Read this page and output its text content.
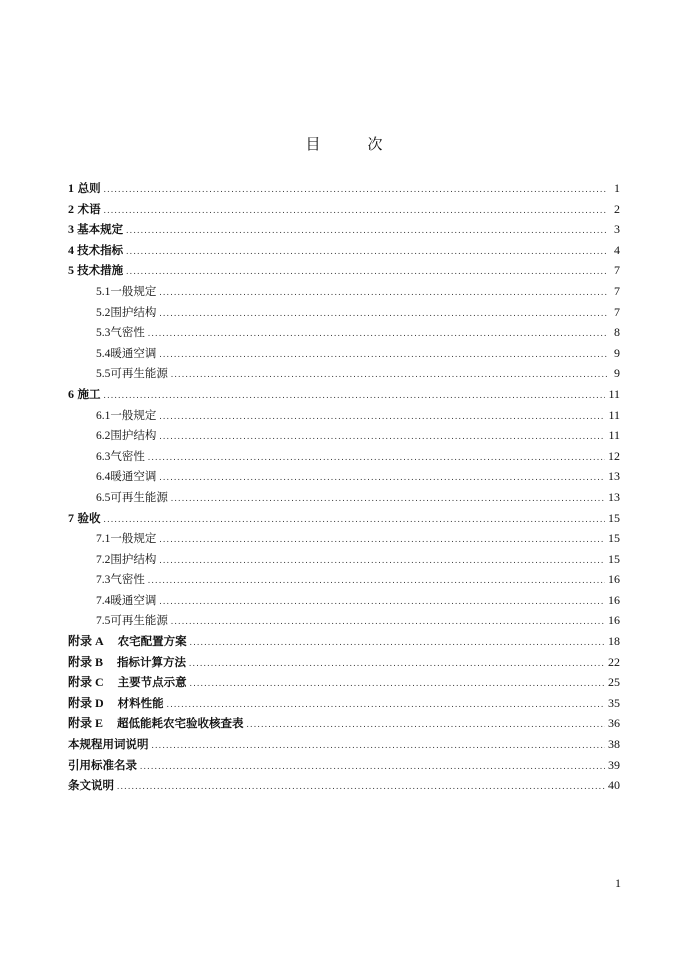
目　次
1 总则 .....	1
2 术语 .....	2
3 基本规定 .....	3
4 技术指标 .....	4
5 技术措施 .....	7
5.1 一般规定 .....	7
5.2 围护结构 .....	7
5.3 气密性 .....	8
5.4 暖通空调 .....	9
5.5 可再生能源 .....	9
6 施工 .....	11
6.1 一般规定 .....	11
6.2 围护结构 .....	11
6.3 气密性 .....	12
6.4 暖通空调 .....	13
6.5 可再生能源 .....	13
7 验收 .....	15
7.1 一般规定 .....	15
7.2 围护结构 .....	15
7.3 气密性 .....	16
7.4 暖通空调 .....	16
7.5 可再生能源 .....	16
附录 A 农宅配置方案 .....	18
附录 B 指标计算方法 .....	22
附录 C 主要节点示意 .....	25
附录 D 材料性能 .....	35
附录 E 超低能耗农宅验收核查表 .....	36
本规程用词说明 .....	38
引用标准名录 .....	39
条文说明 .....	40
1
